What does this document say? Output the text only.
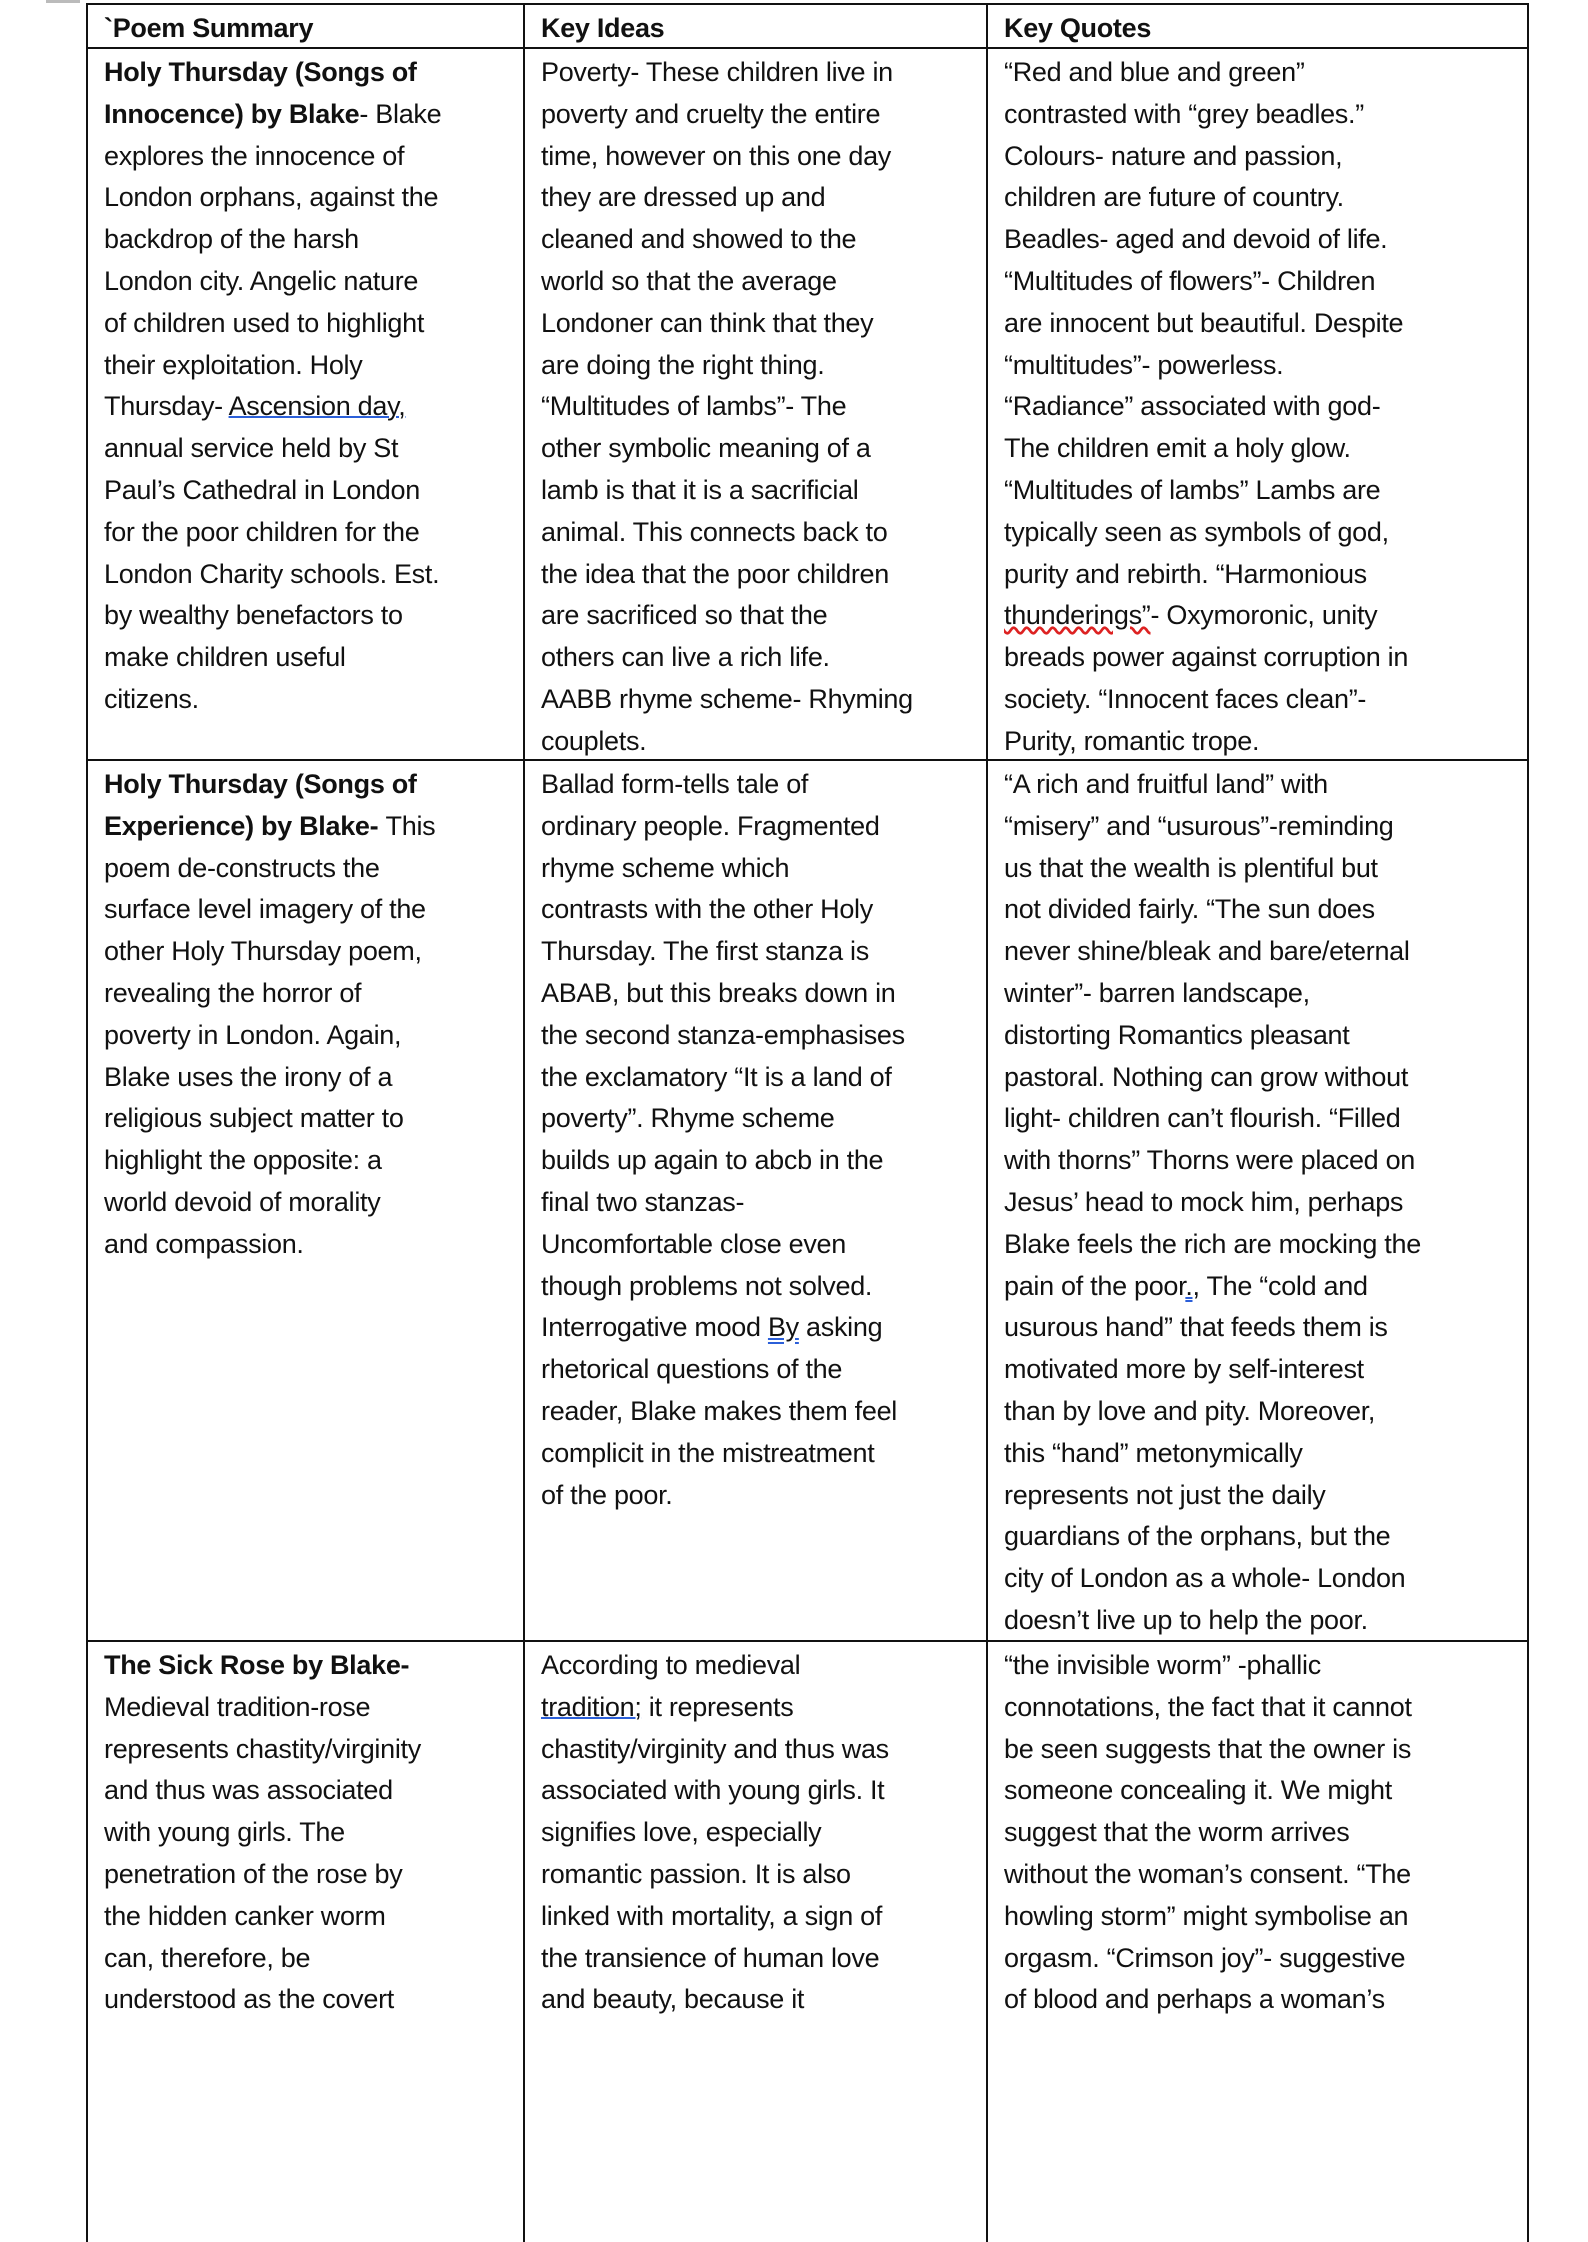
`Poem Summary	Key Ideas	Key Quotes
Holy Thursday (Songs of
Innocence) by Blake- Blake
explores the innocence of
London orphans, against the
backdrop of the harsh
London city. Angelic nature
of children used to highlight
their exploitation. Holy
Thursday- Ascension day,
annual service held by St
Paul’s Cathedral in London
for the poor children for the
London Charity schools. Est.
by wealthy benefactors to
make children useful
citizens.
Poverty- These children live in
poverty and cruelty the entire
time, however on this one day
they are dressed up and
cleaned and showed to the
world so that the average
Londoner can think that they
are doing the right thing.
“Multitudes of lambs”- The
other symbolic meaning of a
lamb is that it is a sacrificial
animal. This connects back to
the idea that the poor children
are sacrificed so that the
others can live a rich life.
AABB rhyme scheme- Rhyming
couplets.
“Red and blue and green”
contrasted with “grey beadles.”
Colours- nature and passion,
children are future of country.
Beadles- aged and devoid of life.
“Multitudes of flowers”- Children
are innocent but beautiful. Despite
“multitudes”- powerless.
“Radiance” associated with god-
The children emit a holy glow.
“Multitudes of lambs” Lambs are
typically seen as symbols of god,
purity and rebirth. “Harmonious
thunderings”- Oxymoronic, unity
breads power against corruption in
society. “Innocent faces clean”-
Purity, romantic trope.
Holy Thursday (Songs of
Experience) by Blake- This
poem de-constructs the
surface level imagery of the
other Holy Thursday poem,
revealing the horror of
poverty in London. Again,
Blake uses the irony of a
religious subject matter to
highlight the opposite: a
world devoid of morality
and compassion.
Ballad form-tells tale of
ordinary people. Fragmented
rhyme scheme which
contrasts with the other Holy
Thursday. The first stanza is
ABAB, but this breaks down in
the second stanza-emphasises
the exclamatory “It is a land of
poverty”. Rhyme scheme
builds up again to abcb in the
final two stanzas-
Uncomfortable close even
though problems not solved.
Interrogative mood By asking
rhetorical questions of the
reader, Blake makes them feel
complicit in the mistreatment
of the poor.
“A rich and fruitful land” with
“misery” and “usurous”-reminding
us that the wealth is plentiful but
not divided fairly. “The sun does
never shine/bleak and bare/eternal
winter”- barren landscape,
distorting Romantics pleasant
pastoral. Nothing can grow without
light- children can’t flourish. “Filled
with thorns” Thorns were placed on
Jesus’ head to mock him, perhaps
Blake feels the rich are mocking the
pain of the poor., The “cold and
usurous hand” that feeds them is
motivated more by self-interest
than by love and pity. Moreover,
this “hand” metonymically
represents not just the daily
guardians of the orphans, but the
city of London as a whole- London
doesn’t live up to help the poor.
The Sick Rose by Blake-
Medieval tradition-rose
represents chastity/virginity
and thus was associated
with young girls. The
penetration of the rose by
the hidden canker worm
can, therefore, be
understood as the covert
According to medieval
tradition; it represents
chastity/virginity and thus was
associated with young girls. It
signifies love, especially
romantic passion. It is also
linked with mortality, a sign of
the transience of human love
and beauty, because it
“the invisible worm” -phallic
connotations, the fact that it cannot
be seen suggests that the owner is
someone concealing it. We might
suggest that the worm arrives
without the woman’s consent. “The
howling storm” might symbolise an
orgasm. “Crimson joy”- suggestive
of blood and perhaps a woman’s
